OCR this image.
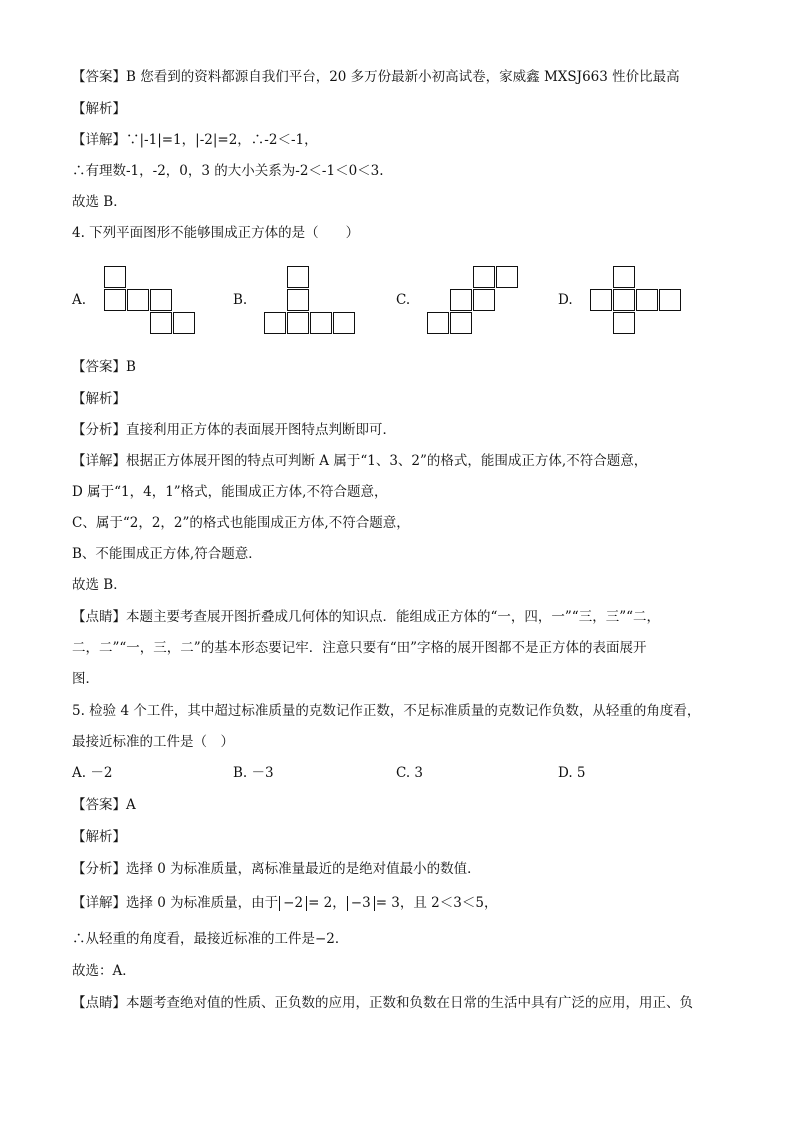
【答案】B 您看到的资料都源自我们平台，20 多万份最新小初高试卷，家威鑫 MXSJ663 性价比最高
【解析】
【详解】∵|-1|=1，|-2|=2，∴-2＜-1，
∴有理数-1，-2，0，3 的大小关系为-2＜-1＜0＜3.
故选 B．
4. 下列平面图形不能够围成正方体的是（　　）
A.	B.	C.	D.
【答案】B
【解析】
【分析】直接利用正方体的表面展开图特点判断即可．
【详解】根据正方体展开图的特点可判断 A 属于“1、3、2”的格式，能围成正方体,不符合题意，
D 属于“1，4，1”格式，能围成正方体,不符合题意，
C、属于“2，2，2”的格式也能围成正方体,不符合题意，
B、不能围成正方体,符合题意．
故选 B．
【点睛】本题主要考查展开图折叠成几何体的知识点．能组成正方体的“一，四，一”“三，三”“二，
二，二”“一，三，二”的基本形态要记牢．注意只要有“田”字格的展开图都不是正方体的表面展开
图．
5. 检验 4 个工件，其中超过标准质量的克数记作正数，不足标准质量的克数记作负数，从轻重的角度看，
最接近标准的工件是（　）
A. －2	B. －3	C. 3	D. 5
【答案】A
【解析】
【分析】选择 0 为标准质量，离标准量最近的是绝对值最小的数值．
【详解】选择 0 为标准质量，由于 −2 = 2， −3 = 3，且 2＜3＜5，
∴从轻重的角度看，最接近标准的工件是−2．
故选：A．
【点睛】本题考查绝对值的性质、正负数的应用，正数和负数在日常的生活中具有广泛的应用，用正、负
